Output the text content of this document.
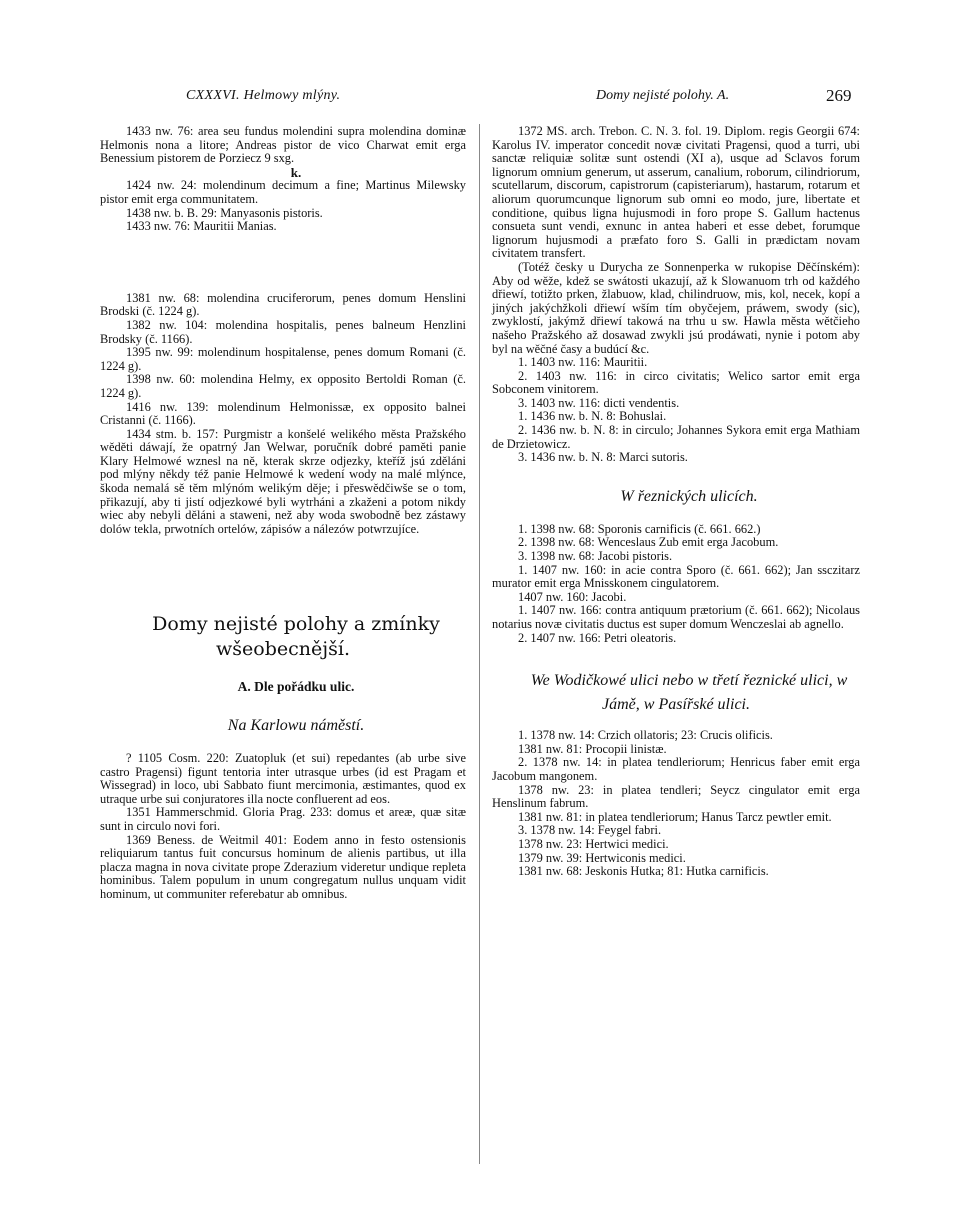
CXXXVI. Helmowy mlýny.	Domy nejisté polohy. A.	269

1433 nw. 76: area seu fundus molendini supra molendina dominæ Helmonis nona a litore; Andreas pistor de vico Charwat emit erga Benessium pistorem de Porziecz 9 sxg.

k.

1424 nw. 24: molendinum decimum a fine; Martinus Milewsky pistor emit erga communitatem.

1438 nw. b. B. 29: Manyasonis pistoris.

1433 nw. 76: Mauritii Manias.

1381 nw. 68: molendina cruciferorum, penes domum Henslini Brodski (č. 1224 g).

1382 nw. 104: molendina hospitalis, penes balneum Henzlini Brodsky (č. 1166).

1395 nw. 99: molendinum hospitalense, penes domum Romani (č. 1224 g).

1398 nw. 60: molendina Helmy, ex opposito Bertoldi Roman (č. 1224 g).

1416 nw. 139: molendinum Helmonissæ, ex opposito balnei Cristanni (č. 1166).

1434 stm. b. 157: Purgmistr a konšelé welikého města Pražského wěděti dáwají, že opatrný Jan Welwar, poručník dobré paměti panie Klary Helmowé wznesl na ně, kterak skrze odjezky, kteříž jsú zděláni pod mlýny někdy též panie Helmowé k wedení wody na malé mlýnce, škoda nemalá sě těm mlýnóm welikým děje; i přeswědčiwše se o tom, přikazují, aby ti jistí odjezkowé byli wytrháni a zkaženi a potom nikdy wiec aby nebyli děláni a staweni, než aby woda swobodně bez zástawy dolów tekla, prwotních ortelów, zápisów a nálezów potwrzujíce.

Domy nejisté polohy a zmínky wšeobecnější.

A. Dle pořádku ulic.

Na Karlowu náměstí.

? 1105 Cosm. 220: Zuatopluk (et sui) repedantes (ab urbe sive castro Pragensi) figunt tentoria inter utrasque urbes (id est Pragam et Wissegrad) in loco, ubi Sabbato fiunt mercimonia, æstimantes, quod ex utraque urbe sui conjuratores illa nocte confluerent ad eos.

1351 Hammerschmid. Gloria Prag. 233: domus et areæ, quæ sitæ sunt in circulo novi fori.

1369 Beness. de Weitmil 401: Eodem anno in festo ostensionis reliquiarum tantus fuit concursus hominum de alienis partibus, ut illa placza magna in nova civitate prope Zderazium videretur undique repleta hominibus. Talem populum in unum congregatum nullus unquam vidit hominum, ut communiter referebatur ab omnibus.

1372 MS. arch. Trebon. C. N. 3. fol. 19. Diplom. regis Georgii 674: Karolus IV. imperator concedit novæ civitati Pragensi, quod a turri, ubi sanctæ reliquiæ solitæ sunt ostendi (XI a), usque ad Sclavos forum lignorum omnium generum, ut asserum, canalium, roborum, cilindriorum, scutellarum, discorum, capistrorum (capisteriarum), hastarum, rotarum et aliorum quorumcunque lignorum sub omni eo modo, jure, libertate et conditione, quibus ligna hujusmodi in foro prope S. Gallum hactenus consueta sunt vendi, exnunc in antea haberi et esse debet, forumque lignorum hujusmodi a præfato foro S. Galli in prædictam novam civitatem transfert.

(Totéž česky u Durycha ze Sonnenperka w rukopise Děčínském): Aby od wěže, kdež se swátosti ukazují, až k Slowanuom trh od každého dřiewí, totižto prken, žlabuow, klad, chilindruow, mis, kol, necek, kopí a jiných jakýchžkoli dřiewí wším tím obyčejem, práwem, swody (sic), zwyklostí, jakýmž dřiewí takowá na trhu u sw. Hawla města wětčieho našeho Pražského až dosawad zwykli jsú prodáwati, nynie i potom aby byl na wěčné časy a budúcí &c.

1. 1403 nw. 116: Mauritii.

2. 1403 nw. 116: in circo civitatis; Welico sartor emit erga Sobconem vinitorem.

3. 1403 nw. 116: dicti vendentis.

1. 1436 nw. b. N. 8: Bohuslai.

2. 1436 nw. b. N. 8: in circulo; Johannes Sykora emit erga Mathiam de Drzietowicz.

3. 1436 nw. b. N. 8: Marci sutoris.

W řeznických ulicích.

1. 1398 nw. 68: Sporonis carnificis (č. 661. 662.)

2. 1398 nw. 68: Wenceslaus Zub emit erga Jacobum.

3. 1398 nw. 68: Jacobi pistoris.

1. 1407 nw. 160: in acie contra Sporo (č. 661. 662); Jan ssczitarz murator emit erga Mnisskonem cingulatorem.

1407 nw. 160: Jacobi.

1. 1407 nw. 166: contra antiquum prætorium (č. 661. 662); Nicolaus notarius novæ civitatis ductus est super domum Wenczeslai ab agnello.

2. 1407 nw. 166: Petri oleatoris.

We Wodičkowé ulici nebo w třetí řeznické ulici, w Jámě, w Pasířské ulici.

1. 1378 nw. 14: Crzich ollatoris; 23: Crucis olificis.

1381 nw. 81: Procopii linistæ.

2. 1378 nw. 14: in platea tendleriorum; Henricus faber emit erga Jacobum mangonem.

1378 nw. 23: in platea tendleri; Seycz cingulator emit erga Henslinum fabrum.

1381 nw. 81: in platea tendleriorum; Hanus Tarcz pewtler emit.

3. 1378 nw. 14: Feygel fabri.

1378 nw. 23: Hertwici medici.

1379 nw. 39: Hertwiconis medici.

1381 nw. 68: Jeskonis Hutka; 81: Hutka carnificis.
